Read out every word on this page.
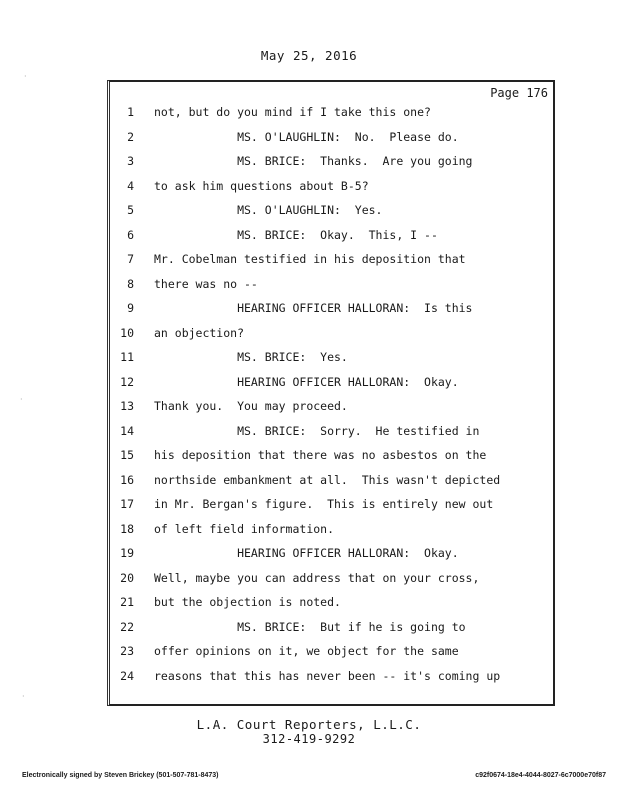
May 25, 2016
Page 176
1 not, but do you mind if I take this one?
2 MS. O'LAUGHLIN:  No.  Please do.
3 MS. BRICE:  Thanks.  Are you going
4 to ask him questions about B-5?
5 MS. O'LAUGHLIN:  Yes.
6 MS. BRICE:  Okay.  This, I --
7 Mr. Cobelman testified in his deposition that
8 there was no --
9 HEARING OFFICER HALLORAN:  Is this
10 an objection?
11 MS. BRICE:  Yes.
12 HEARING OFFICER HALLORAN:  Okay.
13 Thank you.  You may proceed.
14 MS. BRICE:  Sorry.  He testified in
15 his deposition that there was no asbestos on the
16 northside embankment at all.  This wasn't depicted
17 in Mr. Bergan's figure.  This is entirely new out
18 of left field information.
19 HEARING OFFICER HALLORAN:  Okay.
20 Well, maybe you can address that on your cross,
21 but the objection is noted.
22 MS. BRICE:  But if he is going to
23 offer opinions on it, we object for the same
24 reasons that this has never been -- it's coming up
L.A. Court Reporters, L.L.C.
312-419-9292
Electronically signed by Steven Brickey (501-507-781-8473)	c92f0674-18e4-4044-8027-6c7000e70f87
·
·
·
